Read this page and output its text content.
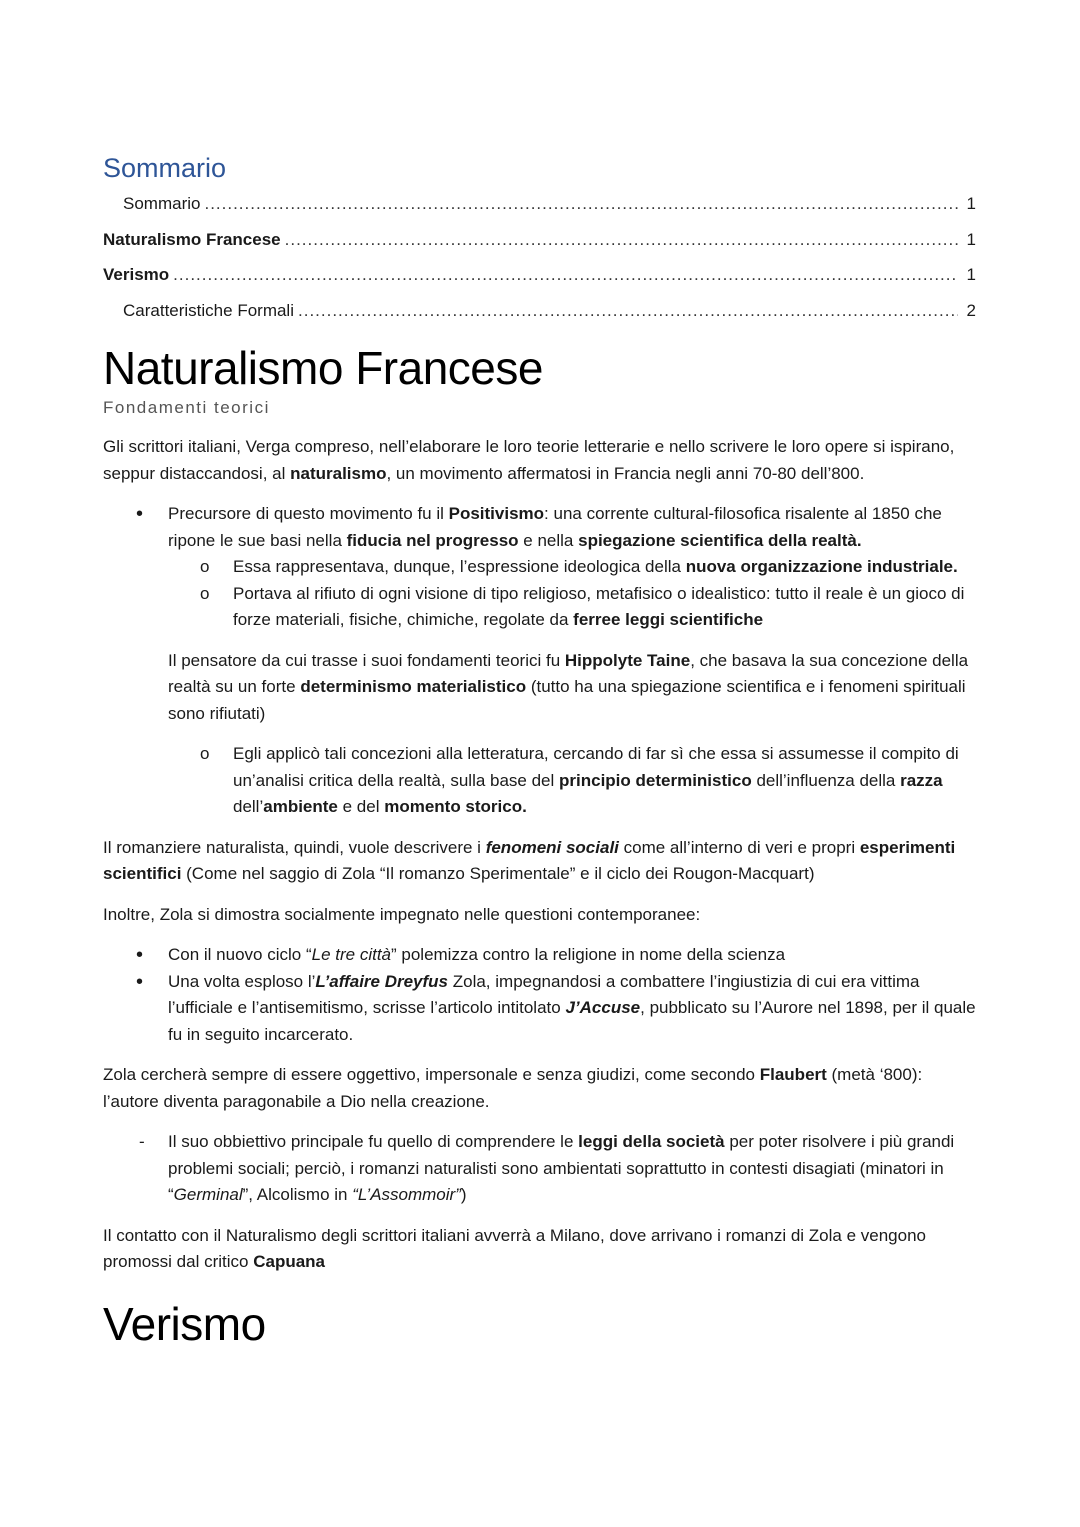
Sommario
Sommario .....	1
Naturalismo Francese .....	1
Verismo .....	1
Caratteristiche Formali .....	2
Naturalismo Francese
Fondamenti teorici

Gli scrittori italiani, Verga compreso, nell’elaborare le loro teorie letterarie e nello scrivere le loro opere si ispirano, seppur distaccandosi, al naturalismo, un movimento affermatosi in Francia negli anni 70-80 dell’800.

• Precursore di questo movimento fu il Positivismo: una corrente cultural-filosofica risalente al 1850 che ripone le sue basi nella fiducia nel progresso e nella spiegazione scientifica della realtà.
o Essa rappresentava, dunque, l’espressione ideologica della nuova organizzazione industriale.
o Portava al rifiuto di ogni visione di tipo religioso, metafisico o idealistico: tutto il reale è un gioco di forze materiali, fisiche, chimiche, regolate da ferree leggi scientifiche

Il pensatore da cui trasse i suoi fondamenti teorici fu Hippolyte Taine, che basava la sua concezione della realtà su un forte determinismo materialistico (tutto ha una spiegazione scientifica e i fenomeni spirituali sono rifiutati)

o Egli applicò tali concezioni alla letteratura, cercando di far sì che essa si assumesse il compito di un’analisi critica della realtà, sulla base del principio deterministico dell’influenza della razza dell’ambiente e del momento storico.

Il romanziere naturalista, quindi, vuole descrivere i fenomeni sociali come all’interno di veri e propri esperimenti scientifici (Come nel saggio di Zola “Il romanzo Sperimentale” e il ciclo dei Rougon-Macquart)

Inoltre, Zola si dimostra socialmente impegnato nelle questioni contemporanee:

• Con il nuovo ciclo “Le tre città” polemizza contro la religione in nome della scienza
• Una volta esploso l’L’affaire Dreyfus Zola, impegnandosi a combattere l’ingiustizia di cui era vittima l’ufficiale e l’antisemitismo, scrisse l’articolo intitolato J’Accuse, pubblicato su l’Aurore nel 1898, per il quale fu in seguito incarcerato.

Zola cercherà sempre di essere oggettivo, impersonale e senza giudizi, come secondo Flaubert (metà ‘800): l’autore diventa paragonabile a Dio nella creazione.

- Il suo obbiettivo principale fu quello di comprendere le leggi della società per poter risolvere i più grandi problemi sociali; perciò, i romanzi naturalisti sono ambientati soprattutto in contesti disagiati (minatori in “Germinal”, Alcolismo in “L’Assommoir”)

Il contatto con il Naturalismo degli scrittori italiani avverrà a Milano, dove arrivano i romanzi di Zola e vengono promossi dal critico Capuana

Verismo
